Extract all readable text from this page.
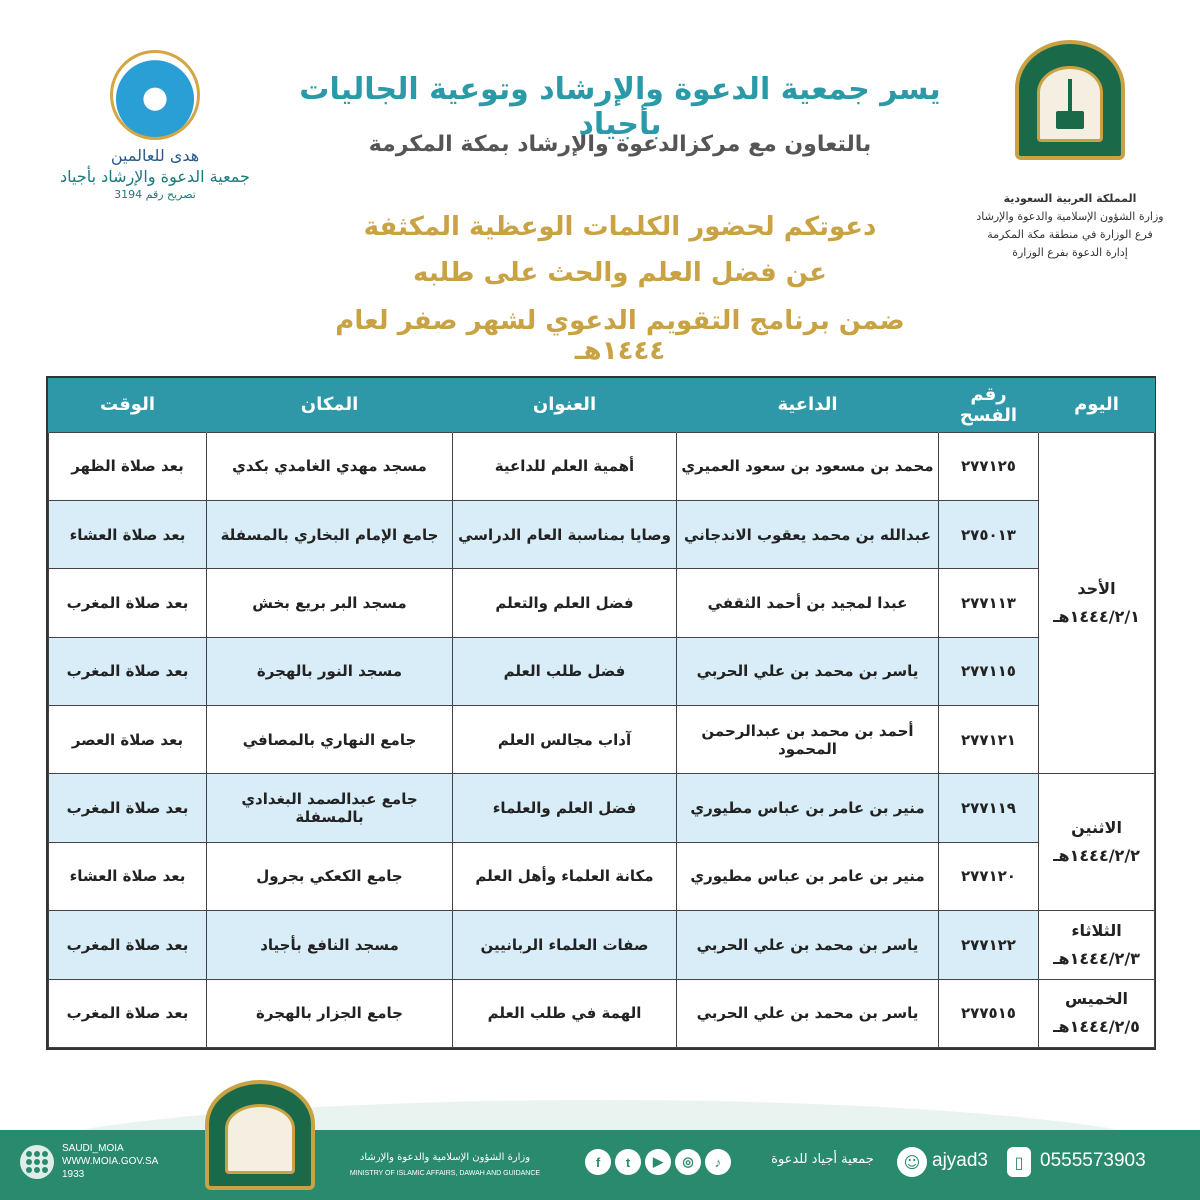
المملكة العربية السعودية
وزارة الشؤون الإسلامية والدعوة والإرشاد
فرع الوزارة في منطقة مكة المكرمة
إدارة الدعوة بفرع الوزارة
هدى للعالمين
جمعية الدعوة والإرشاد بأجياد
تصريح رقم 3194
يسر جمعية الدعوة والإرشاد وتوعية الجاليات بأجياد
بالتعاون مع مركزالدعوة والإرشاد بمكة المكرمة
دعوتكم لحضور الكلمات الوعظية المكثفة
عن فضل العلم والحث على طلبه
ضمن برنامج التقويم الدعوي لشهر صفر لعام ١٤٤٤هـ
اليوم	رقم الفسح	الداعية	العنوان	المكان	الوقت

الأحد
١٤٤٤/٢/١هـ	٢٧٧١٢٥	محمد بن مسعود بن سعود العميري	أهمية العلم للداعية	مسجد مهدي الغامدي بكدي	بعد صلاة الظهر
	٢٧٥٠١٣	عبدالله بن محمد يعقوب الاندجاني	وصايا بمناسبة العام الدراسي	جامع الإمام البخاري بالمسفلة	بعد صلاة العشاء
	٢٧٧١١٣	عبدا لمجيد بن أحمد الثقفي	فضل العلم والتعلم	مسجد البر بريع بخش	بعد صلاة المغرب
	٢٧٧١١٥	ياسر بن محمد بن علي الحربي	فضل طلب العلم	مسجد النور بالهجرة	بعد صلاة المغرب
	٢٧٧١٢١	أحمد بن محمد بن عبدالرحمن المحمود	آداب مجالس العلم	جامع النهاري بالمصافي	بعد صلاة العصر

الاثنين
١٤٤٤/٢/٢هـ	٢٧٧١١٩	منير بن عامر بن عباس مطيوري	فضل العلم والعلماء	جامع عبدالصمد البغدادي بالمسفلة	بعد صلاة المغرب
	٢٧٧١٢٠	منير بن عامر بن عباس مطيوري	مكانة العلماء وأهل العلم	جامع الكعكي بجرول	بعد صلاة العشاء

الثلاثاء
١٤٤٤/٢/٣هـ	٢٧٧١٢٢	ياسر بن محمد بن علي الحربي	صفات العلماء الربانيين	مسجد النافع بأجياد	بعد صلاة المغرب

الخميس
١٤٤٤/٢/٥هـ	٢٧٧٥١٥	ياسر بن محمد بن علي الحربي	الهمة في طلب العلم	جامع الجزار بالهجرة	بعد صلاة المغرب
SAUDI_MOIA
WWW.MOIA.GOV.SA
1933
وزارة الشؤون الإسلامية والدعوة والإرشاد
MINISTRY OF ISLAMIC AFFAIRS, DAWAH AND GUIDANCE
f	t	▶	◎	♪	جمعية أجياد للدعوة	☺ ajyad3	▯ 0555573903
